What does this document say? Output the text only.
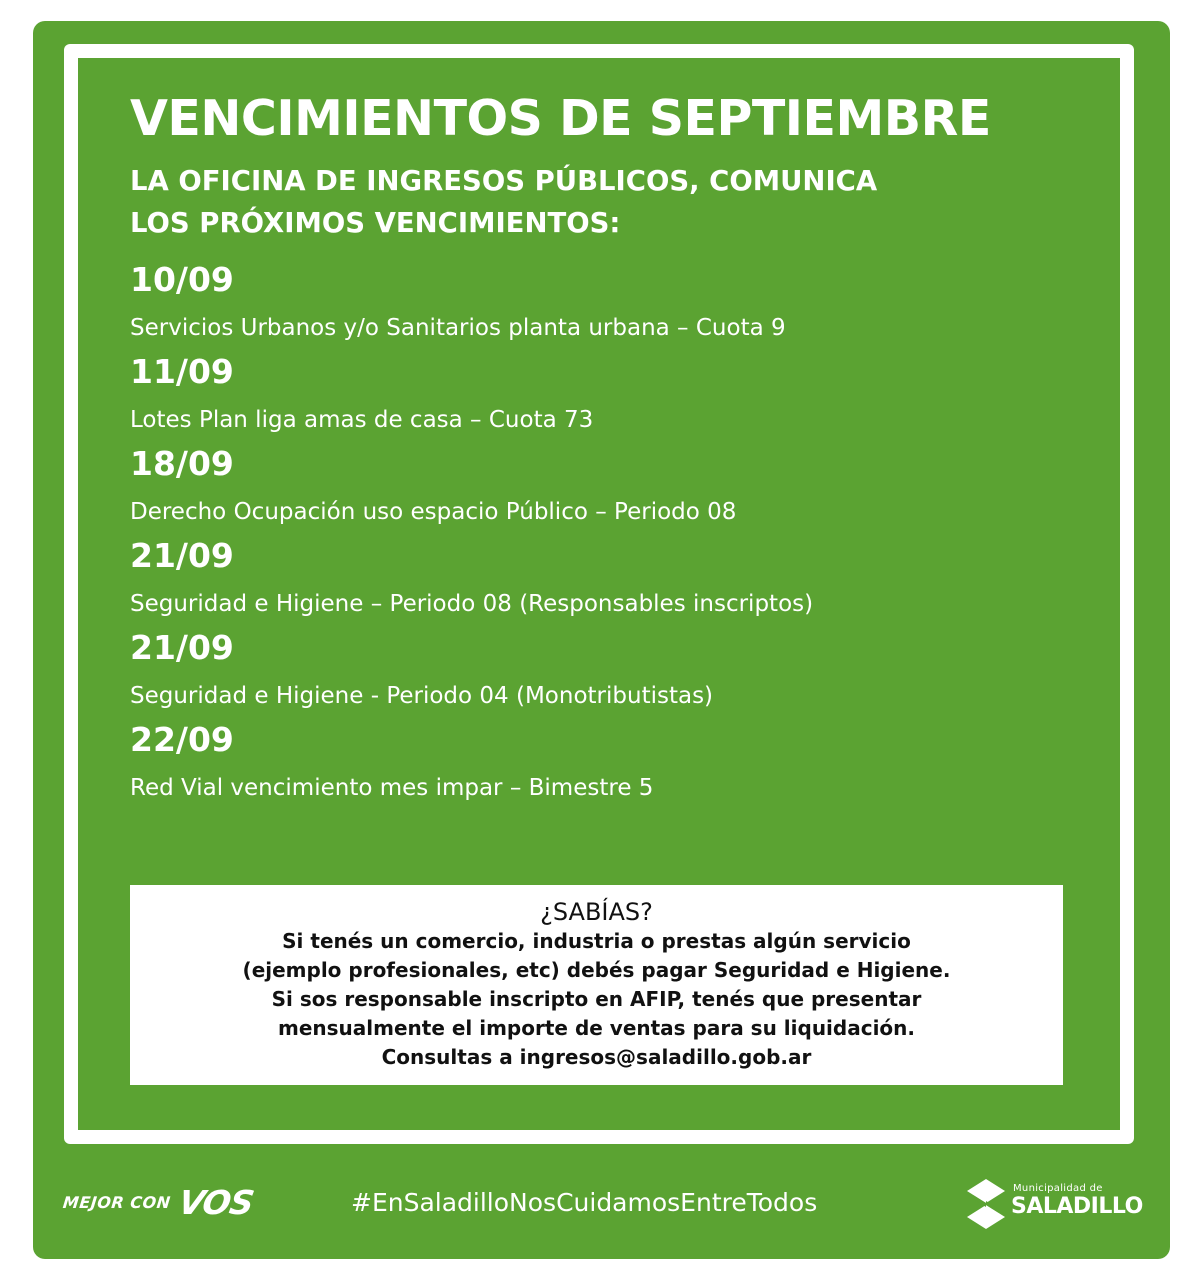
VENCIMIENTOS DE SEPTIEMBRE
LA OFICINA DE INGRESOS PÚBLICOS, COMUNICA
LOS PRÓXIMOS VENCIMIENTOS:
10/09
Servicios Urbanos y/o Sanitarios planta urbana – Cuota 9
11/09
Lotes Plan liga amas de casa – Cuota 73
18/09
Derecho Ocupación uso espacio Público – Periodo 08
21/09
Seguridad e Higiene – Periodo 08 (Responsables inscriptos)
21/09
Seguridad e Higiene - Periodo 04 (Monotributistas)
22/09
Red Vial vencimiento mes impar – Bimestre 5
¿SABÍAS?
Si tenés un comercio, industria o prestas algún servicio
(ejemplo profesionales, etc) debés pagar Seguridad e Higiene.
Si sos responsable inscripto en AFIP, tenés que presentar
mensualmente el importe de ventas para su liquidación.
Consultas a ingresos@saladillo.gob.ar
MEJOR CON VOS	#EnSaladilloNosCuidamosEntreTodos	Municipalidad de
SALADILLO
